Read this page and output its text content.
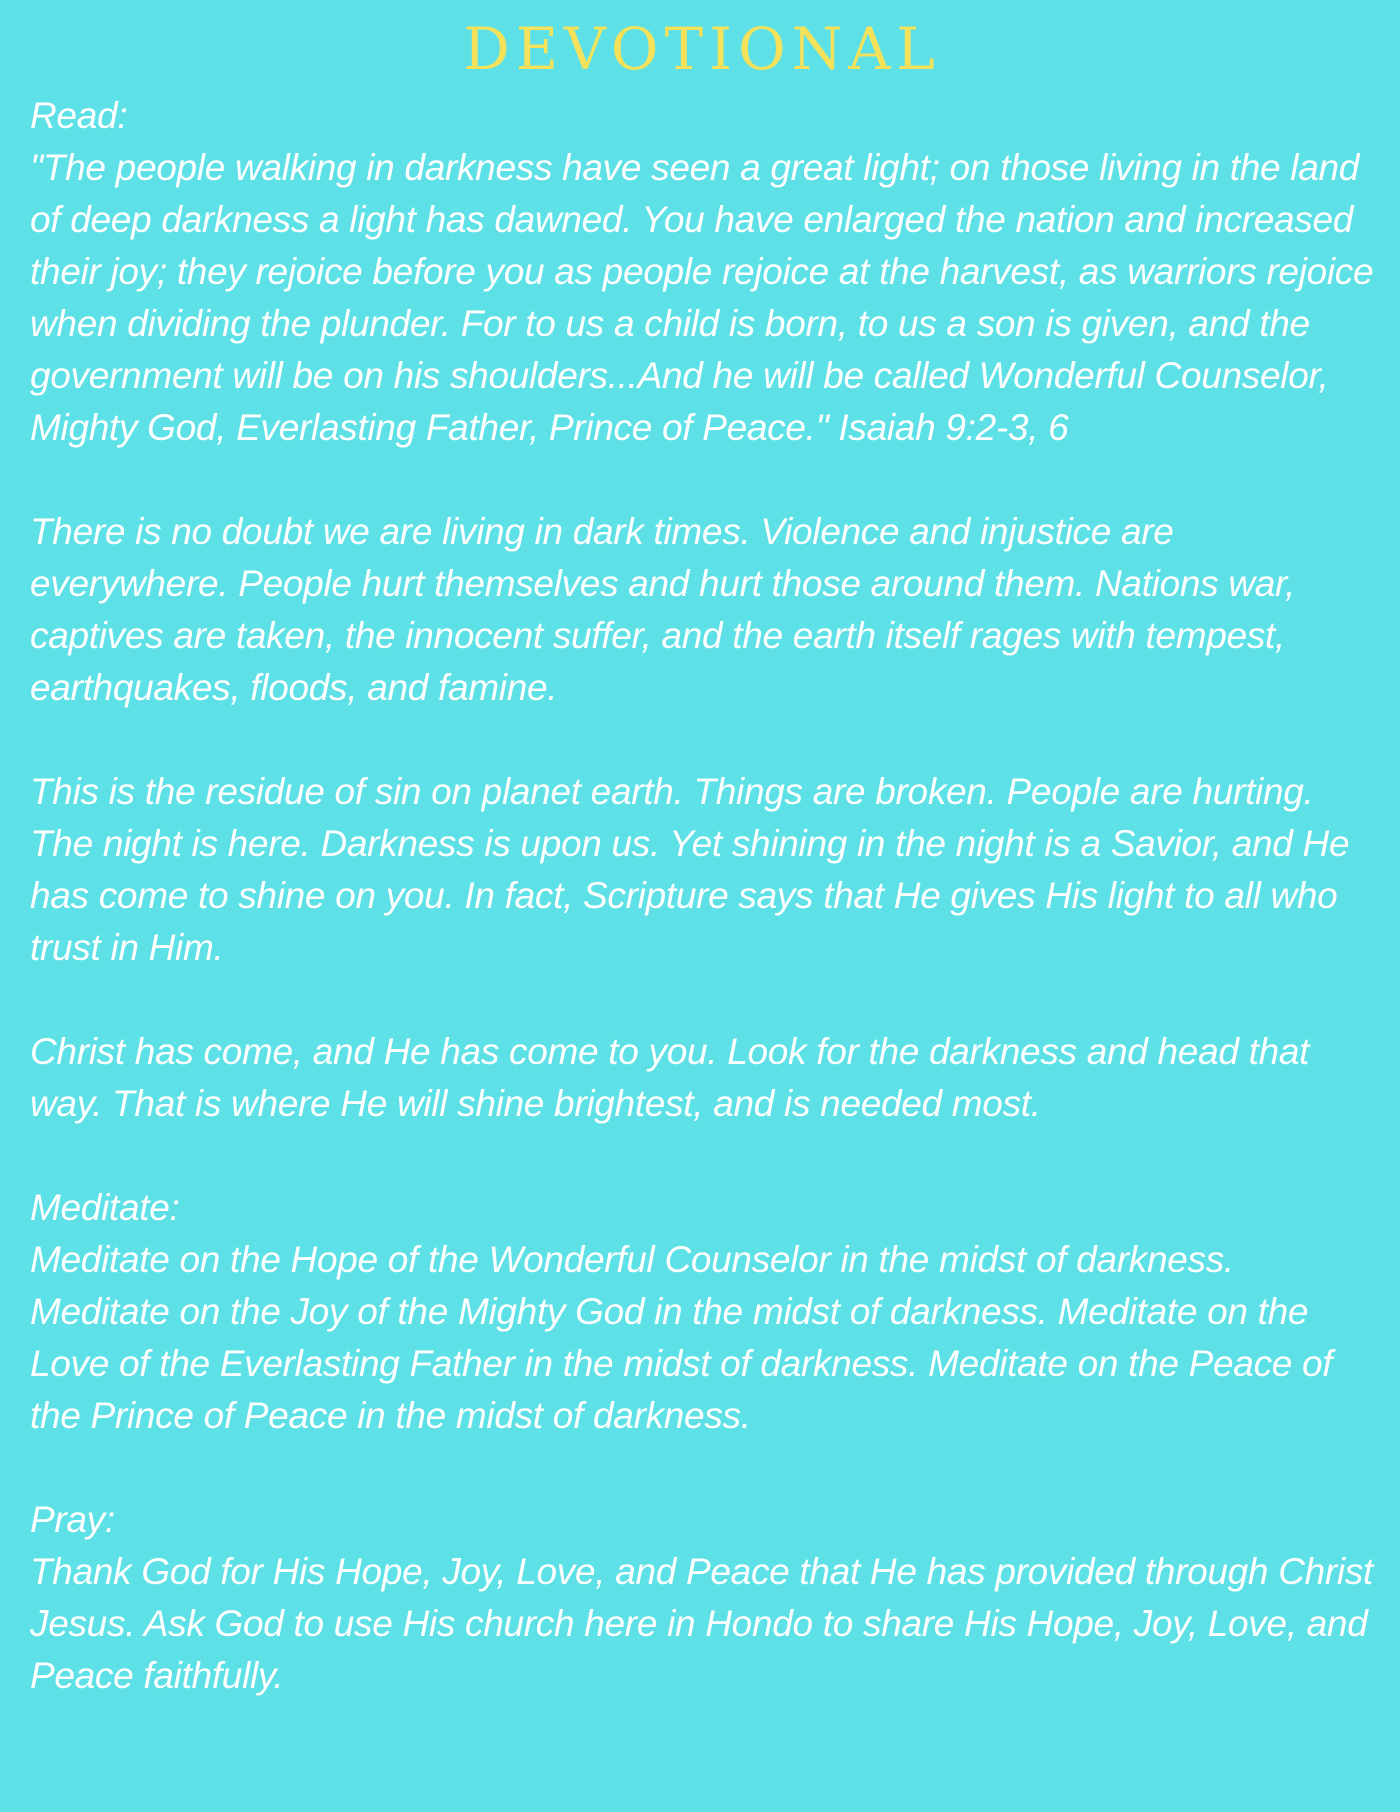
DEVOTIONAL
Read:

"The people walking in darkness have seen a great light; on those living in the land of deep darkness a light has dawned. You have enlarged the nation and increased their joy; they rejoice before you as people rejoice at the harvest, as warriors rejoice when dividing the plunder. For to us a child is born, to us a son is given, and the government will be on his shoulders...And he will be called Wonderful Counselor, Mighty God, Everlasting Father, Prince of Peace." Isaiah 9:2-3, 6

There is no doubt we are living in dark times. Violence and injustice are everywhere. People hurt themselves and hurt those around them. Nations war, captives are taken, the innocent suffer, and the earth itself rages with tempest, earthquakes, floods, and famine.

This is the residue of sin on planet earth. Things are broken. People are hurting. The night is here. Darkness is upon us. Yet shining in the night is a Savior, and He has come to shine on you. In fact, Scripture says that He gives His light to all who trust in Him.

Christ has come, and He has come to you. Look for the darkness and head that way. That is where He will shine brightest, and is needed most.

Meditate:

Meditate on the Hope of the Wonderful Counselor in the midst of darkness. Meditate on the Joy of the Mighty God in the midst of darkness. Meditate on the Love of the Everlasting Father in the midst of darkness. Meditate on the Peace of the Prince of Peace in the midst of darkness.

Pray:

Thank God for His Hope, Joy, Love, and Peace that He has provided through Christ Jesus. Ask God to use His church here in Hondo to share His Hope, Joy, Love, and Peace faithfully.
